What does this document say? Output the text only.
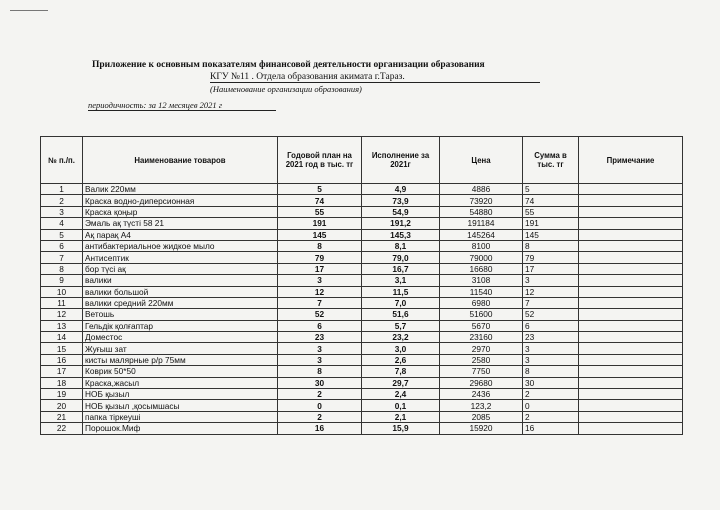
Приложение к основным показателям финансовой деятельности организации образования
КГУ №11 . Отдела образования акимата г.Тараз.
(Наименование организации образования)
периодичность: за 12 месяцев 2021 г
№ п./п.	Наименование товаров	Годовой план на 2021 год в тыс. тг	Исполнение за 2021г	Цена	Сумма в тыс. тг	Примечание
1	Валик 220мм	5	4,9	4886	5	
2	Краска водно-диперсионная	74	73,9	73920	74	
3	Краска қоңыр	55	54,9	54880	55	
4	Эмаль ақ түсті 58 21	191	191,2	191184	191	
5	Ақ парақ А4	145	145,3	145264	145	
6	антибактериальное жидкое мыло	8	8,1	8100	8	
7	Антисептик	79	79,0	79000	79	
8	бор түсі ақ	17	16,7	16680	17	
9	валики	3	3,1	3108	3	
10	валики большой	12	11,5	11540	12	
11	валики средний 220мм	7	7,0	6980	7	
12	Ветошь	52	51,6	51600	52	
13	Гельдік қолғаптар	6	5,7	5670	6	
14	Доместос	23	23,2	23160	23	
15	Жуғыш зат	3	3,0	2970	3	
16	кисты малярные р/р 75мм	3	2,6	2580	3	
17	Коврик 50*50	8	7,8	7750	8	
18	Краска,жасыл	30	29,7	29680	30	
19	НОБ қызыл	2	2,4	2436	2	
20	НОБ қызыл ,қосымшасы	0	0,1	123,2	0	
21	папка тіркеуші	2	2,1	2085	2	
22	Порошок.Миф	16	15,9	15920	16	
